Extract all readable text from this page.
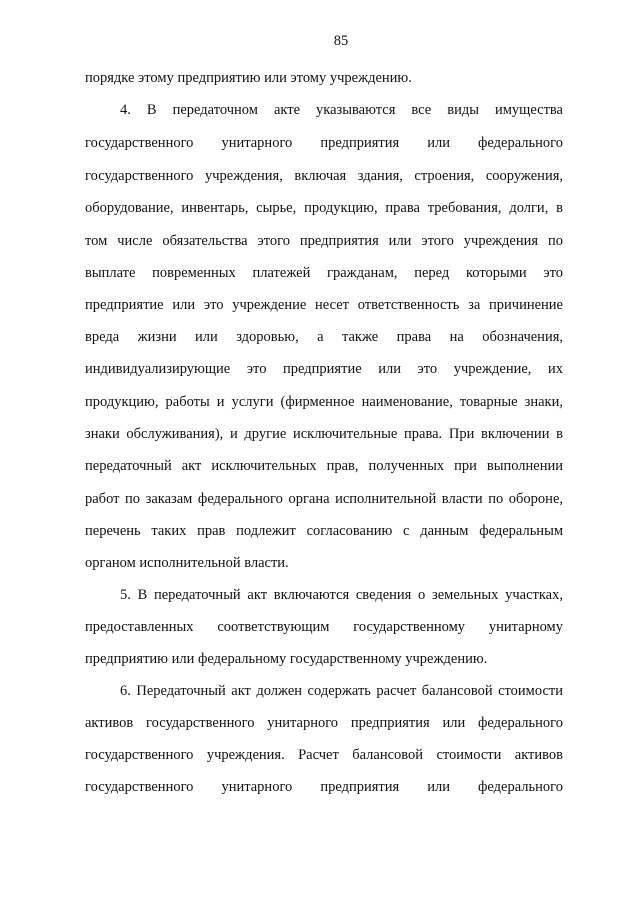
85
порядке этому предприятию или этому учреждению.
4. В передаточном акте указываются все виды имущества
государственного унитарного предприятия или федерального
государственного учреждения, включая здания, строения, сооружения,
оборудование, инвентарь, сырье, продукцию, права требования, долги, в
том числе обязательства этого предприятия или этого учреждения по
выплате повременных платежей гражданам, перед которыми это
предприятие или это учреждение несет ответственность за причинение
вреда жизни или здоровью, а также права на обозначения,
индивидуализирующие это предприятие или это учреждение, их
продукцию, работы и услуги (фирменное наименование, товарные знаки,
знаки обслуживания), и другие исключительные права. При включении в
передаточный акт исключительных прав, полученных при выполнении
работ по заказам федерального органа исполнительной власти по обороне,
перечень таких прав подлежит согласованию с данным федеральным
органом исполнительной власти.
5. В передаточный акт включаются сведения о земельных участках,
предоставленных соответствующим государственному унитарному
предприятию или федеральному государственному учреждению.
6. Передаточный акт должен содержать расчет балансовой стоимости
активов государственного унитарного предприятия или федерального
государственного учреждения. Расчет балансовой стоимости активов
государственного унитарного предприятия или федерального
